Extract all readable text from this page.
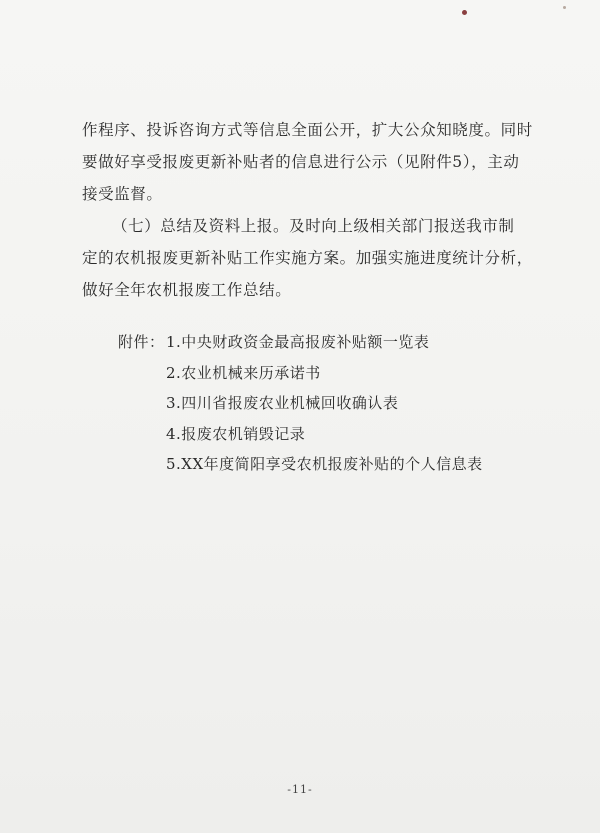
作程序、投诉咨询方式等信息全面公开，扩大公众知晓度。同时
要做好享受报废更新补贴者的信息进行公示（见附件5），主动
接受监督。
（七）总结及资料上报。及时向上级相关部门报送我市制
定的农机报废更新补贴工作实施方案。加强实施进度统计分析，
做好全年农机报废工作总结。
附件：1.中央财政资金最高报废补贴额一览表
2.农业机械来历承诺书
3.四川省报废农业机械回收确认表
4.报废农机销毁记录
5.XX年度简阳享受农机报废补贴的个人信息表
-11-
